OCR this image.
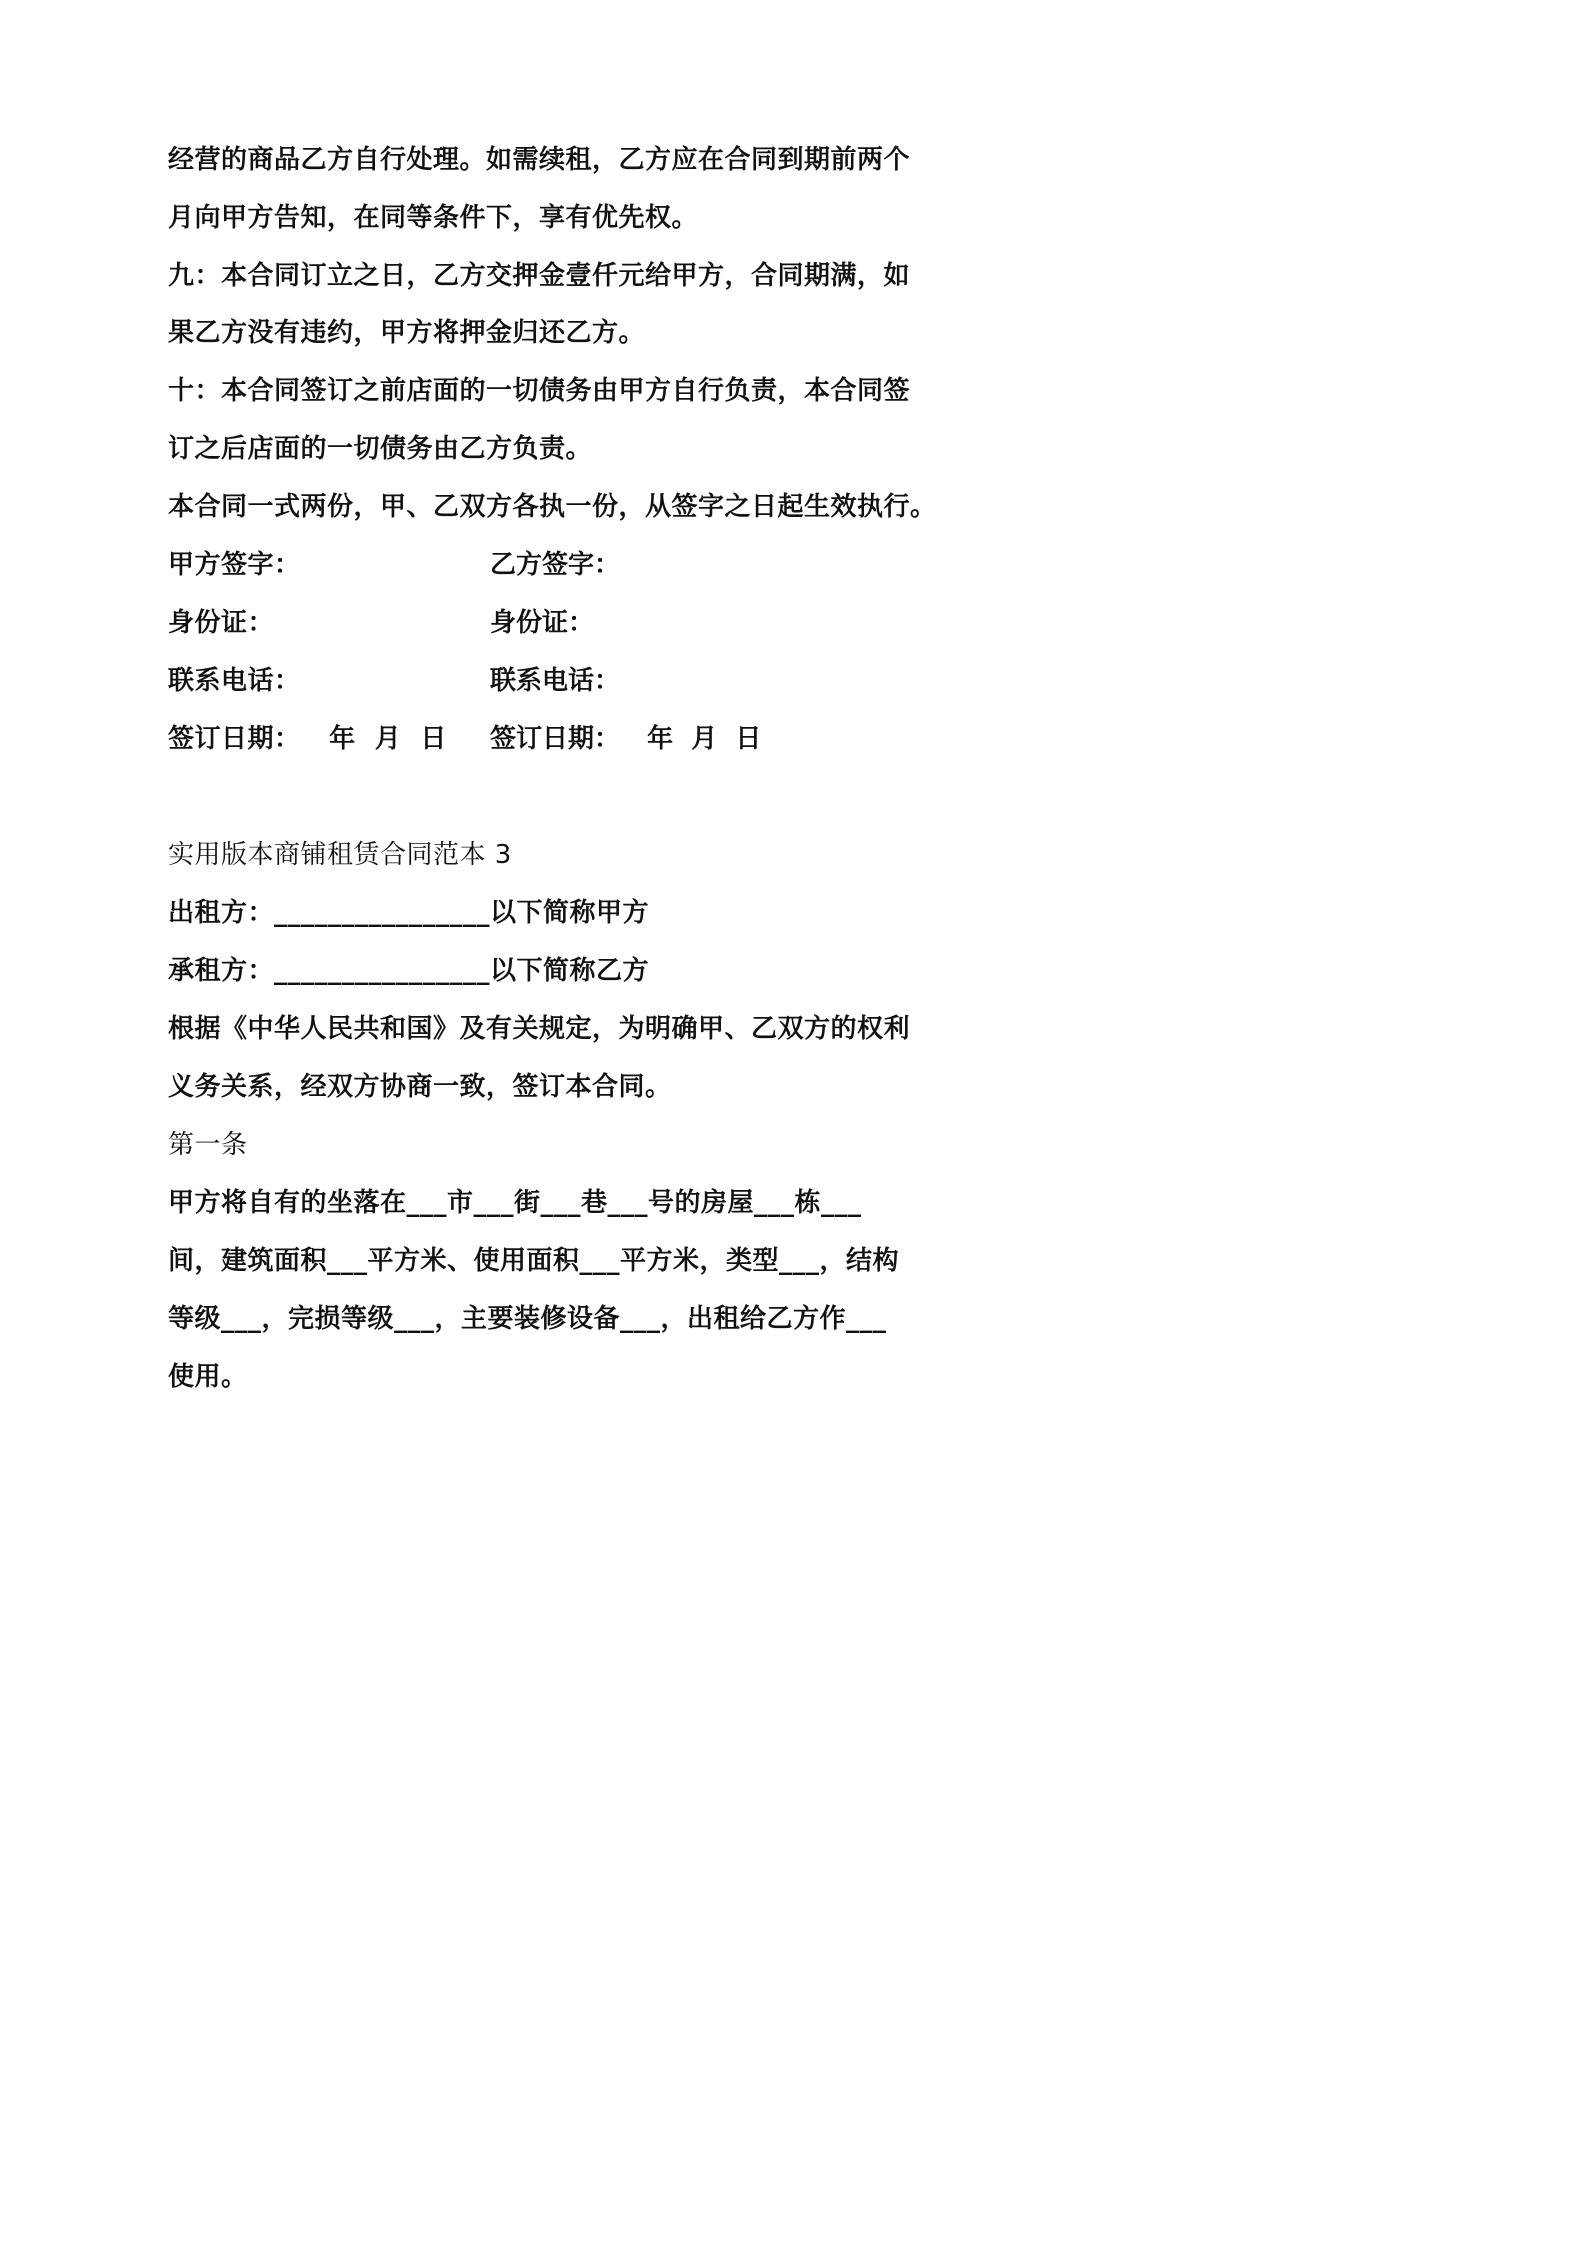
经营的商品乙方自行处理。如需续租，乙方应在合同到期前两个
月向甲方告知，在同等条件下，享有优先权。
九：本合同订立之日，乙方交押金壹仟元给甲方，合同期满，如
果乙方没有违约，甲方将押金归还乙方。
十：本合同签订之前店面的一切债务由甲方自行负责，本合同签
订之后店面的一切债务由乙方负责。
本合同一式两份，甲、乙双方各执一份，从签字之日起生效执行。
甲方签字：	乙方签字：
身份证：	身份证：
联系电话：	联系电话：
签订日期：   年  月  日 签订日期：   年  月  日
实用版本商铺租赁合同范本 3
出租方：________________以下简称甲方
承租方：________________以下简称乙方
根据《中华人民共和国》及有关规定，为明确甲、乙双方的权利
义务关系，经双方协商一致，签订本合同。
第一条
甲方将自有的坐落在___市___街___巷___号的房屋___栋___
间，建筑面积___平方米、使用面积___平方米，类型___，结构
等级___，完损等级___，主要装修设备___，出租给乙方作___
使用。
